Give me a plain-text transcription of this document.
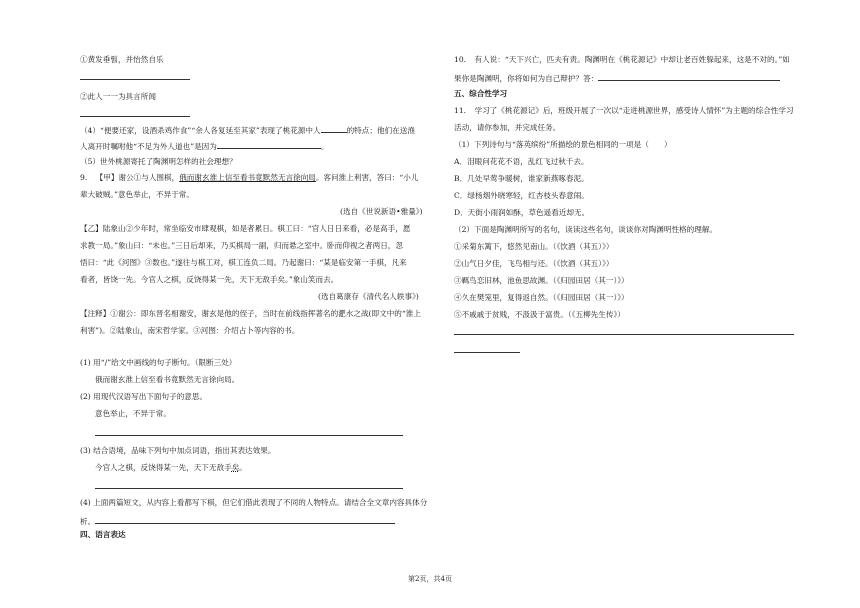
①黄发垂髫，并怡然自乐
②此人一一为具言所闻
（4）“便要还家，设酒杀鸡作食”“余人各复延至其家”表现了桃花源中人	的特点；他们在送渔
人离开时嘱咐他“不足为外人道也”是因为	。
（5）世外桃源寄托了陶渊明怎样的社会理想？
9. 【甲】谢公①与人围棋，俄而谢玄淮上信至看书竟默然无言徐向局。客问淮上利害，答曰：“小儿
辈大破贼。”意色举止，不异于常。
(选自《世说新语•雅量》)
【乙】陆象山②少年时，常坐临安市肆观棋，如是者累日。棋工曰：“官人日日来看，必是高手，愿
求教一局。”象山曰：“未也。”三日后却来，乃买棋局一副，归而悬之室中。卧而仰视之者两日，忽
悟曰：“此《河图》③数也。”遂往与棋工对，棋工连负二局。乃起谢曰：“某是临安第一手棋，凡来
看者，皆饶一先。今官人之棋，反饶得某一先，天下无敌手矣。”象山笑而去。
(选自葛康存《清代名人轶事》)
【注释】①谢公：即东晋名相谢安，谢玄是他的侄子，当时在前线指挥著名的淝水之战(即文中的“淮上
利害”)。②陆象山，南宋哲学家。③河图：介绍占卜等内容的书。
(1) 用“/”给文中画线的句子断句。（限断三处）
俄而谢玄淮上信至看书竟默然无言徐向局。
(2) 用现代汉语写出下面句子的意思。
意色举止，不异于常。
(3) 结合语境，品味下列句中加点词语，指出其表达效果。
今官人之棋，反饶得某一先，天下无敌手矣。
(4) 上面两篇短文，从内容上看都写下棋，但它们借此表现了不同的人物特点。请结合全文章内容具体分
析。
四、语言表达
10. 有人说：“天下兴亡，匹夫有责。陶渊明在《桃花源记》中却让老百姓躲起来，这是不对的。”如
果你是陶渊明，你将如何为自己辩护？答：
五、综合性学习
11. 学习了《桃花源记》后，班级开展了一次以“走进桃源世界，感受诗人情怀”为主题的综合性学习
活动，请你参加，并完成任务。
（1）下列诗句与“落英缤纷”所描绘的景色相同的一项是（　　）
A．泪眼问花花不语，乱红飞过秋千去。
B．几处早莺争暖树，谁家新燕啄春泥。
C．绿杨烟外晓寒轻，红杏枝头春意闹。
D．天街小雨润如酥，草色遥看近却无。
（2）下面是陶渊明所写的名句，读读这些名句，谈谈你对陶渊明性格的理解。
①采菊东篱下，悠然见南山。（《饮酒（其五）》）
②山气日夕佳，飞鸟相与还。（《饮酒（其五）》）
③羁鸟恋旧林，池鱼思故渊。（《归园田居（其一）》）
④久在樊笼里，复得返自然。（《归园田居（其一）》）
⑤不戚戚于贫贱，不汲汲于富贵。（《五柳先生传》）
第2页，共4页
